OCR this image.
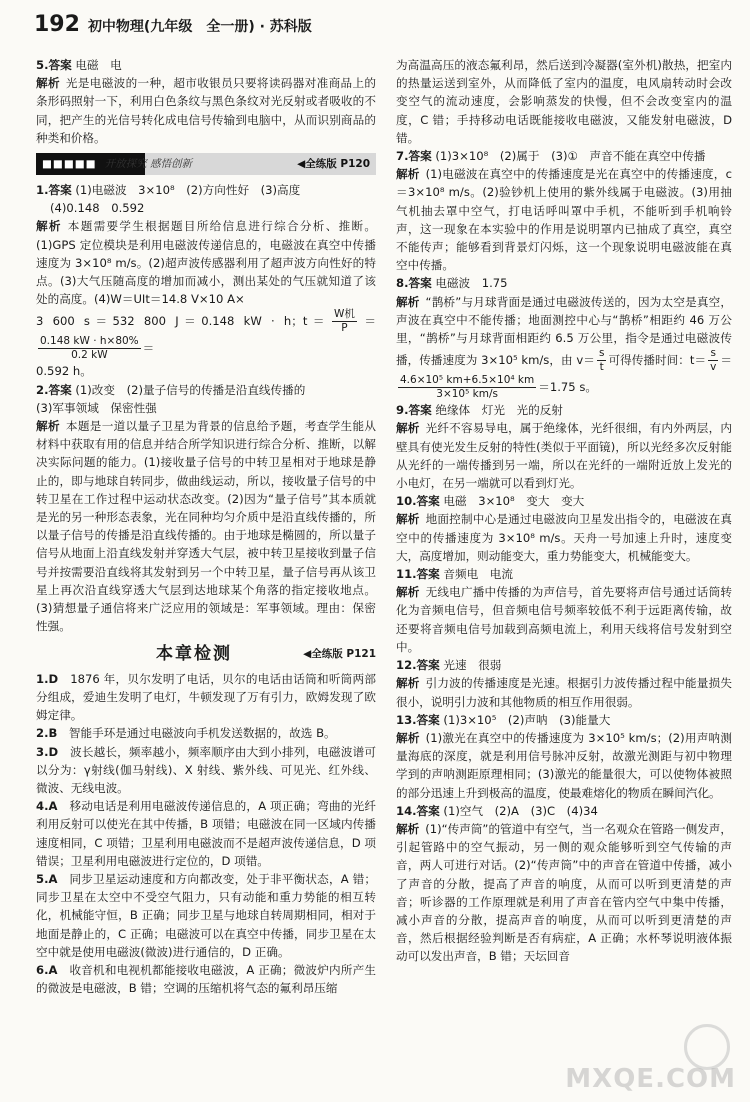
192 初中物理(九年级　全一册) · 苏科版
5.答案 电磁　电
解析 光是电磁波的一种，超市收银员只要将读码器对准商品上的条形码照射一下，利用白色条纹与黑色条纹对光反射或者吸收的不同，把产生的光信号转化成电信号传输到电脑中，从而识别商品的种类和价格。
■■■■■ 开放探究 感悟创新	◀全练版 P120
1.答案 (1)电磁波　3×10⁸　(2)方向性好　(3)高度
(4)0.148　0.592
解析 本题需要学生根据题目所给信息进行综合分析、推断。(1)GPS 定位模块是利用电磁波传递信息的，电磁波在真空中传播速度为 3×10⁸ m/s。(2)超声波传感器利用了超声波方向性好的特点。(3)大气压随高度的增加而减小，测出某处的气压就知道了该处的高度。(4)W＝UIt＝14.8 V×10 A×
3 600 s＝532 800 J＝0.148 kW · h；$t= \frac{\text{W机}}{P}$ ＝
$\frac{0.148 kW \cdot h\times 80\%}{0.2 kW}$ ＝
0.592 h。
2.答案 (1)改变　(2)量子信号的传播是沿直线传播的
(3)军事领域　保密性强
解析 本题是一道以量子卫星为背景的信息给予题，考查学生能从材料中获取有用的信息并结合所学知识进行综合分析、推断，以解决实际问题的能力。(1)接收量子信号的中转卫星相对于地球是静止的，即与地球自转同步，做曲线运动，所以，接收量子信号的中转卫星在工作过程中运动状态改变。(2)因为“量子信号”其本质就是光的另一种形态表象，光在同种均匀介质中是沿直线传播的，所以量子信号的传播是沿直线传播的。由于地球是椭圆的，所以量子信号从地面上沿直线发射并穿透大气层，被中转卫星接收到量子信号并按需要沿直线将其发射到另一个中转卫星，量子信号再从该卫星上再次沿直线穿透大气层到达地球某个角落的指定接收地点。(3)猜想量子通信将来广泛应用的领域是：军事领域。理由：保密性强。
本章检测	◀全练版 P121
1.D　 1876 年，贝尔发明了电话，贝尔的电话由话筒和听筒两部分组成，爱迪生发明了电灯，牛顿发现了万有引力，欧姆发现了欧姆定律。
2.B　 智能手环是通过电磁波向手机发送数据的，故选 B。
3.D　 波长越长，频率越小，频率顺序由大到小排列，电磁波谱可以分为：γ射线(伽马射线)、X 射线、紫外线、可见光、红外线、微波、无线电波。
4.A　 移动电话是利用电磁波传递信息的，A 项正确；弯曲的光纤利用反射可以使光在其中传播，B 项错；电磁波在同一区域内传播速度相同，C 项错；卫星利用电磁波而不是超声波传递信息，D 项错误；卫星利用电磁波进行定位的，D 项错。
5.A　 同步卫星运动速度和方向都改变，处于非平衡状态，A 错；同步卫星在太空中不受空气阻力，只有动能和重力势能的相互转化，机械能守恒，B 正确；同步卫星与地球自转周期相同，相对于地面是静止的，C 正确；电磁波可以在真空中传播，同步卫星在太空中就是使用电磁波(微波)进行通信的，D 正确。
6.A　 收音机和电视机都能接收电磁波，A 正确；微波炉内所产生的微波是电磁波，B 错；空调的压缩机将气态的氟利昂压缩
为高温高压的液态氟利昂，然后送到冷凝器(室外机)散热，把室内的热量运送到室外，从而降低了室内的温度，电风扇转动时会改变空气的流动速度，会影响蒸发的快慢，但不会改变室内的温度，C 错；手持移动电话既能接收电磁波，又能发射电磁波，D 错。
7.答案 (1)3×10⁸　(2)属于　(3)①　声音不能在真空中传播
解析 (1)电磁波在真空中的传播速度是光在真空中的传播速度，c＝3×10⁸ m/s。(2)验钞机上使用的紫外线属于电磁波。(3)用抽气机抽去罩中空气，打电话呼叫罩中手机，不能听到手机响铃声，这一现象在本实验中的作用是说明罩内已抽成了真空，真空不能传声；能够看到背景灯闪烁，这一个现象说明电磁波能在真空中传播。
8.答案 电磁波　1.75
解析 “鹊桥”与月球背面是通过电磁波传送的，因为太空是真空，声波在真空中不能传播；地面测控中心与“鹊桥”相距约 46 万公里，“鹊桥”与月球背面相距约 6.5 万公里，指令是通过电磁波传播，传播速度为 3×10⁵ km/s，由 $v= \frac{s}{t}$ 可得传播时间：$t= \frac{s}{v}$ ＝
$\frac{\text{4.6×10⁵ km+6.5×10⁴ km}}{\text{3×10⁵ km/s}} =1.75$ s。
9.答案 绝缘体　灯光　光的反射
解析 光纤不容易导电，属于绝缘体，光纤很细，有内外两层，内壁具有使光发生反射的特性(类似于平面镜)，所以光经多次反射能从光纤的一端传播到另一端，所以在光纤的一端附近放上发光的小电灯，在另一端就可以看到灯光。
10.答案 电磁　3×10⁸　变大　变大
解析 地面控制中心是通过电磁波向卫星发出指令的，电磁波在真空中的传播速度为 3×10⁸ m/s。天舟一号加速上升时，速度变大，高度增加，则动能变大，重力势能变大，机械能变大。
11.答案 音频电　电流
解析 无线电广播中传播的为声信号，首先要将声信号通过话筒转化为音频电信号，但音频电信号频率较低不利于远距离传输，故还要将音频电信号加载到高频电流上，利用天线将信号发射到空中。
12.答案 光速　很弱
解析 引力波的传播速度是光速。根据引力波传播过程中能量损失很小，说明引力波和其他物质的相互作用很弱。
13.答案 (1)3×10⁵　(2)声呐　(3)能量大
解析 (1)激光在真空中的传播速度为 3×10⁵ km/s；(2)用声呐测量海底的深度，就是利用信号脉冲反射，故激光测距与初中物理学到的声呐测距原理相同；(3)激光的能量很大，可以使物体被照的部分迅速上升到极高的温度，使最难熔化的物质在瞬间汽化。
14.答案 (1)空气　(2)A　(3)C　(4)34
解析 (1)“传声筒”的管道中有空气，当一名观众在管路一侧发声，引起管路中的空气振动，另一侧的观众能够听到空气传输的声音，两人可进行对话。(2)“传声筒”中的声音在管道中传播，减小了声音的分散，提高了声音的响度，从而可以听到更清楚的声音；听诊器的工作原理就是利用了声音在管内空气中集中传播，减小声音的分散，提高声音的响度，从而可以听到更清楚的声音，然后根据经验判断是否有病症，A 正确；水杯琴说明液体振动可以发出声音，B 错；天坛回音
MXQE.COM
